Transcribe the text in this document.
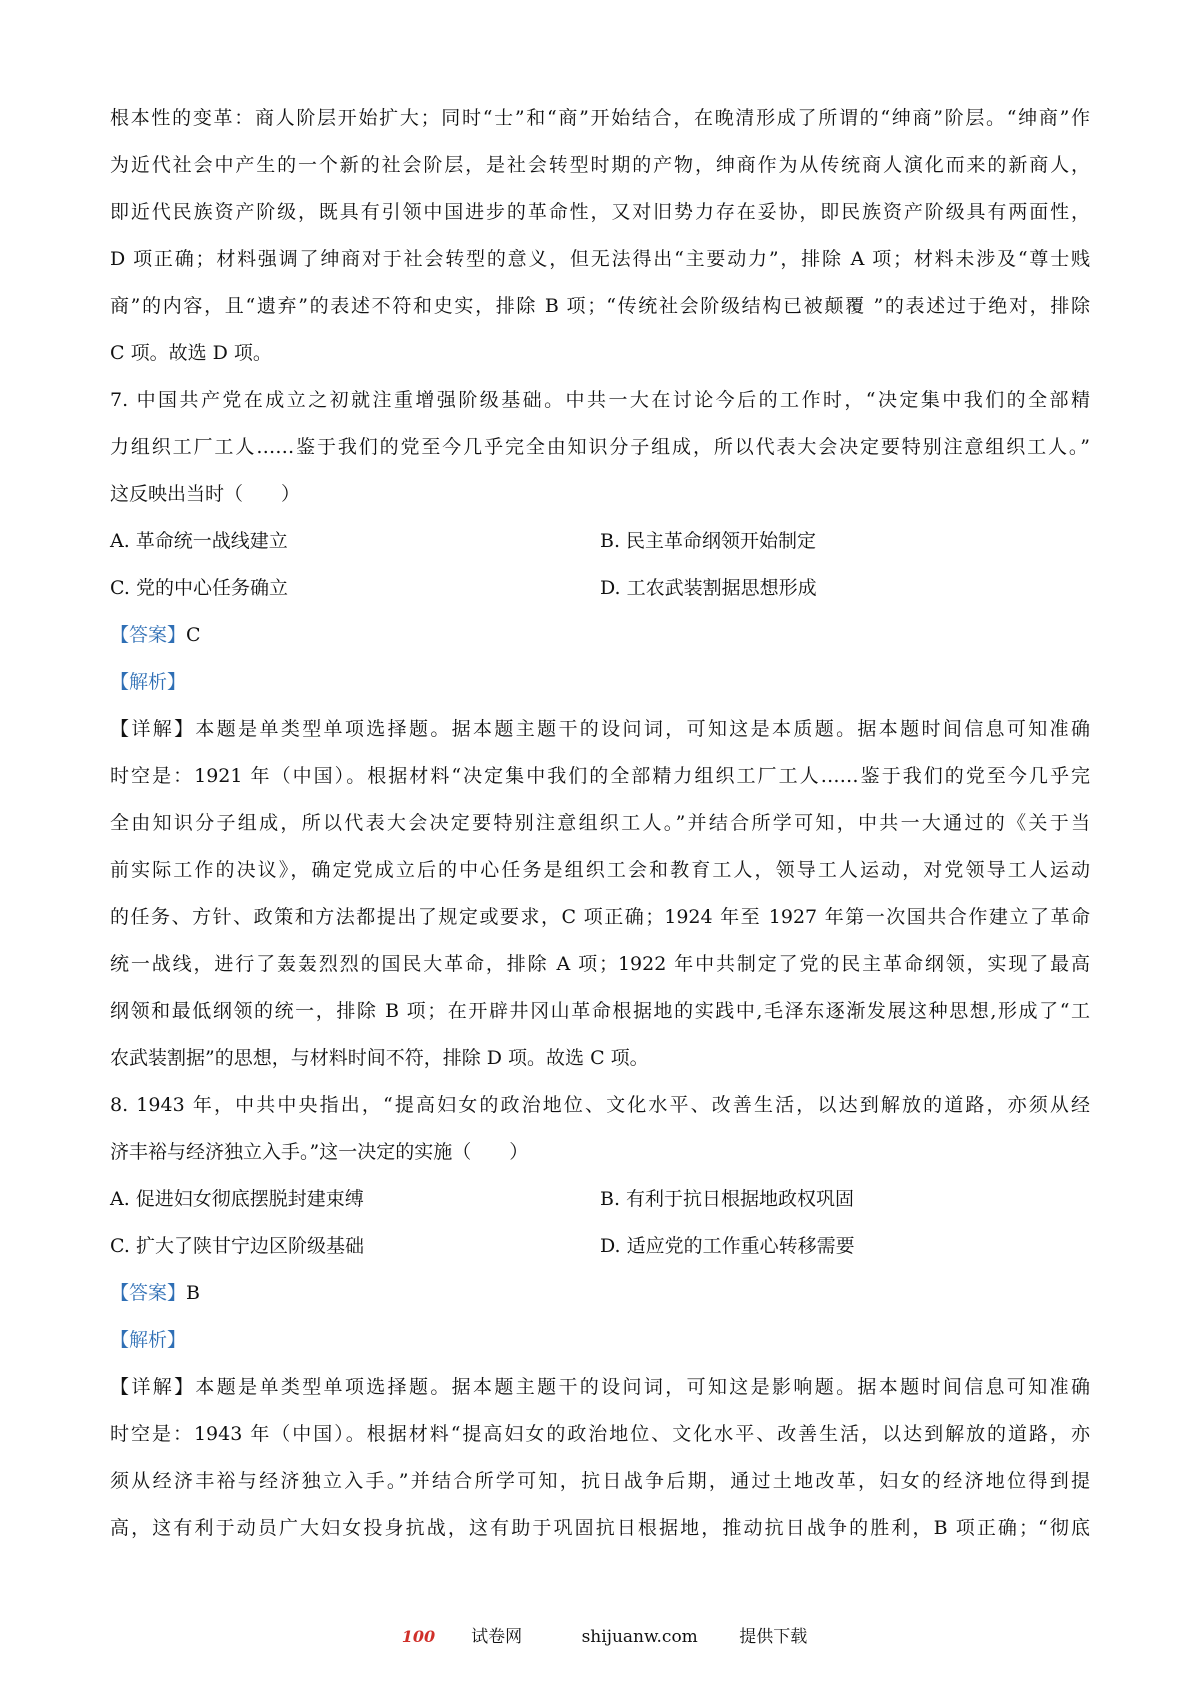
根本性的变革：商人阶层开始扩大；同时“士”和“商”开始结合，在晚清形成了所谓的“绅商”阶层。“绅商”作
为近代社会中产生的一个新的社会阶层，是社会转型时期的产物，绅商作为从传统商人演化而来的新商人，
即近代民族资产阶级，既具有引领中国进步的革命性，又对旧势力存在妥协，即民族资产阶级具有两面性，
D 项正确；材料强调了绅商对于社会转型的意义，但无法得出“主要动力”，排除 A 项；材料未涉及“尊士贱
商”的内容，且“遗弃”的表述不符和史实，排除 B 项；“传统社会阶级结构已被颠覆 ”的表述过于绝对，排除
C 项。故选 D 项。
7. 中国共产党在成立之初就注重增强阶级基础。中共一大在讨论今后的工作时，“决定集中我们的全部精
力组织工厂工人……鉴于我们的党至今几乎完全由知识分子组成，所以代表大会决定要特别注意组织工人。”
这反映出当时（　　）
A. 革命统一战线建立	B. 民主革命纲领开始制定
C. 党的中心任务确立	D. 工农武装割据思想形成
【答案】C
【解析】
【详解】本题是单类型单项选择题。据本题主题干的设问词，可知这是本质题。据本题时间信息可知准确
时空是：1921 年（中国）。根据材料“决定集中我们的全部精力组织工厂工人……鉴于我们的党至今几乎完
全由知识分子组成，所以代表大会决定要特别注意组织工人。”并结合所学可知，中共一大通过的《关于当
前实际工作的决议》，确定党成立后的中心任务是组织工会和教育工人，领导工人运动，对党领导工人运动
的任务、方针、政策和方法都提出了规定或要求，C 项正确；1924 年至 1927 年第一次国共合作建立了革命
统一战线，进行了轰轰烈烈的国民大革命，排除 A 项；1922 年中共制定了党的民主革命纲领，实现了最高
纲领和最低纲领的统一，排除 B 项；在开辟井冈山革命根据地的实践中,毛泽东逐渐发展这种思想,形成了“工
农武装割据”的思想，与材料时间不符，排除 D 项。故选 C 项。
8. 1943 年，中共中央指出，“提高妇女的政治地位、文化水平、改善生活，以达到解放的道路，亦须从经
济丰裕与经济独立入手。”这一决定的实施（　　）
A. 促进妇女彻底摆脱封建束缚	B. 有利于抗日根据地政权巩固
C. 扩大了陕甘宁边区阶级基础	D. 适应党的工作重心转移需要
【答案】B
【解析】
【详解】本题是单类型单项选择题。据本题主题干的设问词，可知这是影响题。据本题时间信息可知准确
时空是：1943 年（中国）。根据材料“提高妇女的政治地位、文化水平、改善生活，以达到解放的道路，亦
须从经济丰裕与经济独立入手。”并结合所学可知，抗日战争后期，通过土地改革，妇女的经济地位得到提
高，这有利于动员广大妇女投身抗战，这有助于巩固抗日根据地，推动抗日战争的胜利，B 项正确；“彻底
100 试卷网	shijuanw.com 提供下载
